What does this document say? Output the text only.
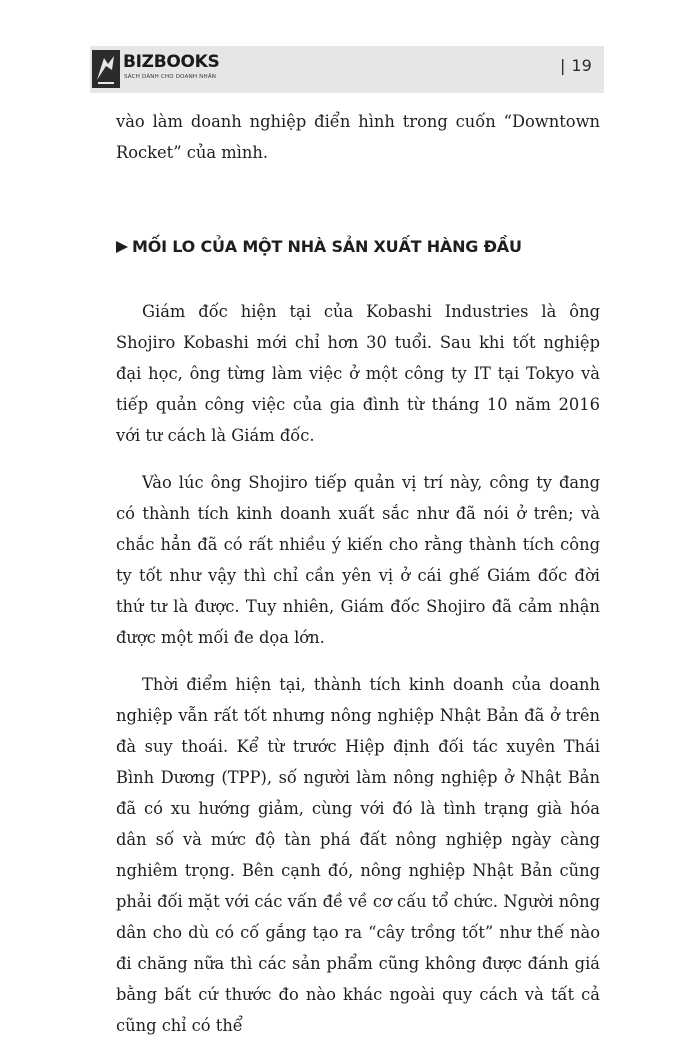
BIZBOOKS
SÁCH DÀNH CHO DOANH NHÂN
| 19

vào làm doanh nghiệp điển hình trong cuốn “Downtown Rocket” của mình.

MỐI LO CỦA MỘT NHÀ SẢN XUẤT HÀNG ĐẦU

Giám đốc hiện tại của Kobashi Industries là ông Shojiro Kobashi mới chỉ hơn 30 tuổi. Sau khi tốt nghiệp đại học, ông từng làm việc ở một công ty IT tại Tokyo và tiếp quản công việc của gia đình từ tháng 10 năm 2016 với tư cách là Giám đốc.

Vào lúc ông Shojiro tiếp quản vị trí này, công ty đang có thành tích kinh doanh xuất sắc như đã nói ở trên; và chắc hẳn đã có rất nhiều ý kiến cho rằng thành tích công ty tốt như vậy thì chỉ cần yên vị ở cái ghế Giám đốc đời thứ tư là được. Tuy nhiên, Giám đốc Shojiro đã cảm nhận được một mối đe dọa lớn.

Thời điểm hiện tại, thành tích kinh doanh của doanh nghiệp vẫn rất tốt nhưng nông nghiệp Nhật Bản đã ở trên đà suy thoái. Kể từ trước Hiệp định đối tác xuyên Thái Bình Dương (TPP), số người làm nông nghiệp ở Nhật Bản đã có xu hướng giảm, cùng với đó là tình trạng già hóa dân số và mức độ tàn phá đất nông nghiệp ngày càng nghiêm trọng. Bên cạnh đó, nông nghiệp Nhật Bản cũng phải đối mặt với các vấn đề về cơ cấu tổ chức. Người nông dân cho dù có cố gắng tạo ra “cây trồng tốt” như thế nào đi chăng nữa thì các sản phẩm cũng không được đánh giá bằng bất cứ thước đo nào khác ngoài quy cách và tất cả cũng chỉ có thể
